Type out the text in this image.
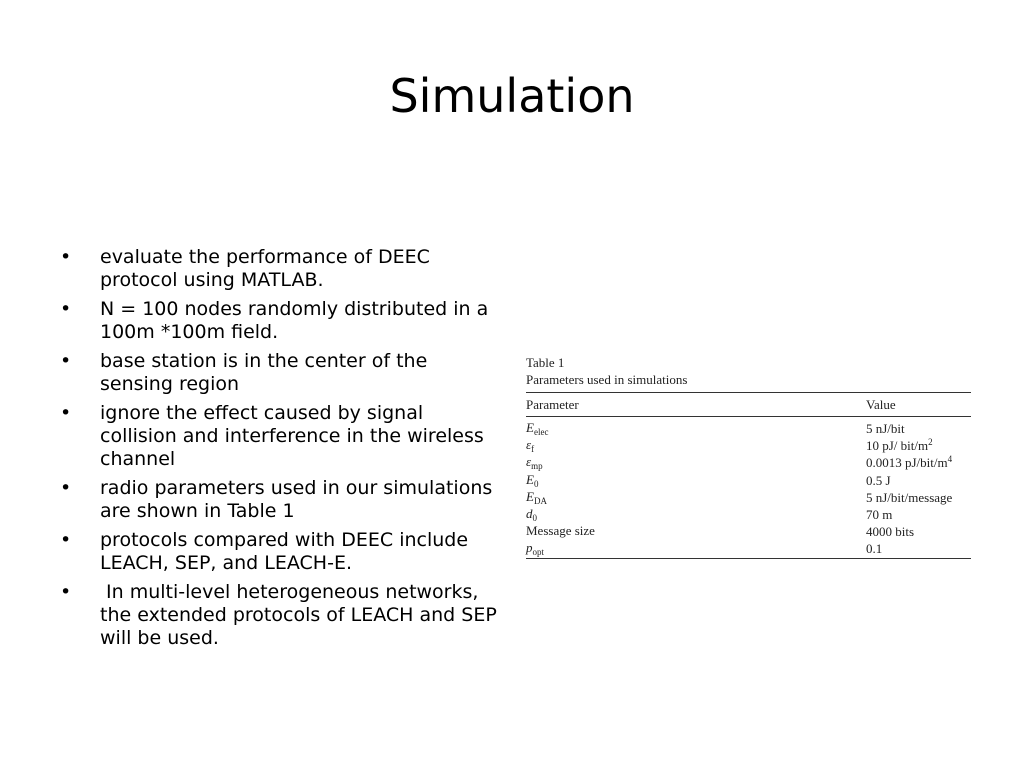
Simulation
• evaluate the performance of DEEC protocol using MATLAB.
• N = 100 nodes randomly distributed in a 100m *100m field.
• base station is in the center of the sensing region
• ignore the effect caused by signal collision and interference in the wireless channel
• radio parameters used in our simulations are shown in Table 1
• protocols compared with DEEC include LEACH, SEP, and LEACH-E.
• In multi-level heterogeneous networks, the extended protocols of LEACH and SEP will be used.

Table 1

Parameters used in simulations

Parameter	Value
$E_{elec}$	5 nJ/bit
$\varepsilon_f$	10 pJ/ bit/$m^2$
$\varepsilon_{mp}$	0.0013 $pJ/bit/m^4$
$E_0$	0.5 J
$E_{DA}$	5 nJ/bit/message
$d_0$	70 m
Message size	4000 bits
$p_{opt}$	0.1
